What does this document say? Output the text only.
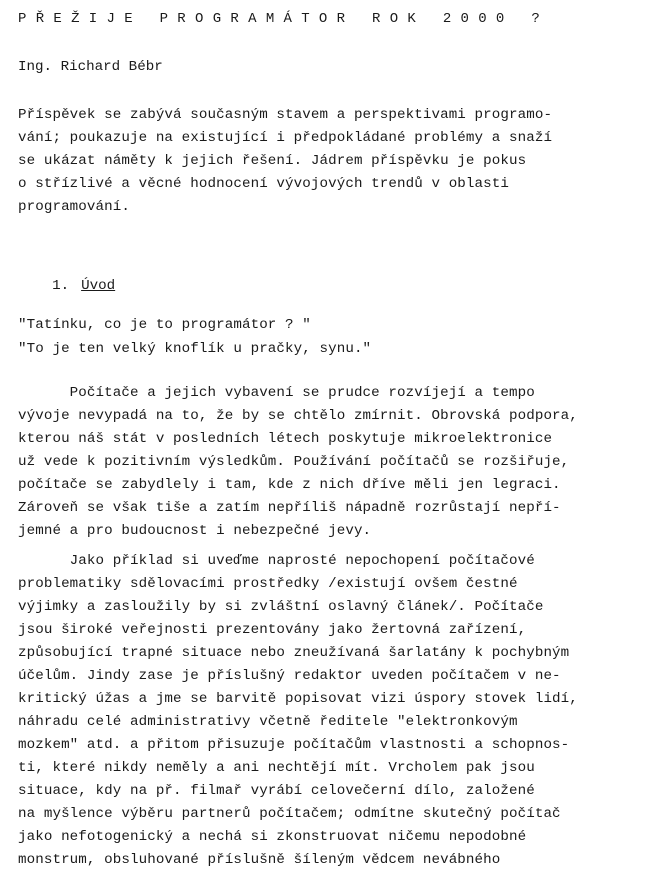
PŘEŽIJE PROGRAMÁTOR ROK 2000 ?
Ing. Richard Bébr
Příspěvek se zabývá současným stavem a perspektivami programo-
vání; poukazuje na existující i předpokládané problémy a snaží
se ukázat náměty k jejich řešení. Jádrem příspěvku je pokus
o střízlivé a věcné hodnocení vývojových trendů v oblasti
programování.

1. Úvod

"Tatínku, co je to programátor ? "
"To je ten velký knoflík u pračky, synu."
Počítače a jejich vybavení se prudce rozvíjejí a tempo
vývoje nevypadá na to, že by se chtělo zmírnit. Obrovská podpora,
kterou náš stát v posledních létech poskytuje mikroelektronice
už vede k pozitivním výsledkům. Používání počítačů se rozšiřuje,
počítače se zabydlely i tam, kde z nich dříve měli jen legraci.
Zároveň se však tiše a zatím nepříliš nápadně rozrůstají nepří-
jemné a pro budoucnost i nebezpečné jevy.
Jako příklad si uveďme naprosté nepochopení počítačové
problematiky sdělovacími prostředky /existují ovšem čestné
výjimky a zasloužily by si zvláštní oslavný článek/. Počítače
jsou široké veřejnosti prezentovány jako žertovná zařízení,
způsobující trapné situace nebo zneužívaná šarlatány k pochybným
účelům. Jindy zase je příslušný redaktor uveden počítačem v ne-
kritický úžas a jme se barvitě popisovat vizi úspory stovek lidí,
náhradu celé administrativy včetně ředitele "elektronkovým
mozkem" atd. a přitom přisuzuje počítačům vlastnosti a schopnos-
ti, které nikdy neměly a ani nechtějí mít. Vrcholem pak jsou
situace, kdy na př. filmař vyrábí celovečerní dílo, založené
na myšlence výběru partnerů počítačem; odmítne skutečný počítač
jako nefotogenický a nechá si zkonstruovat ničemu nepodobné
monstrum, obsluhované příslušně šíleným vědcem nevábného
